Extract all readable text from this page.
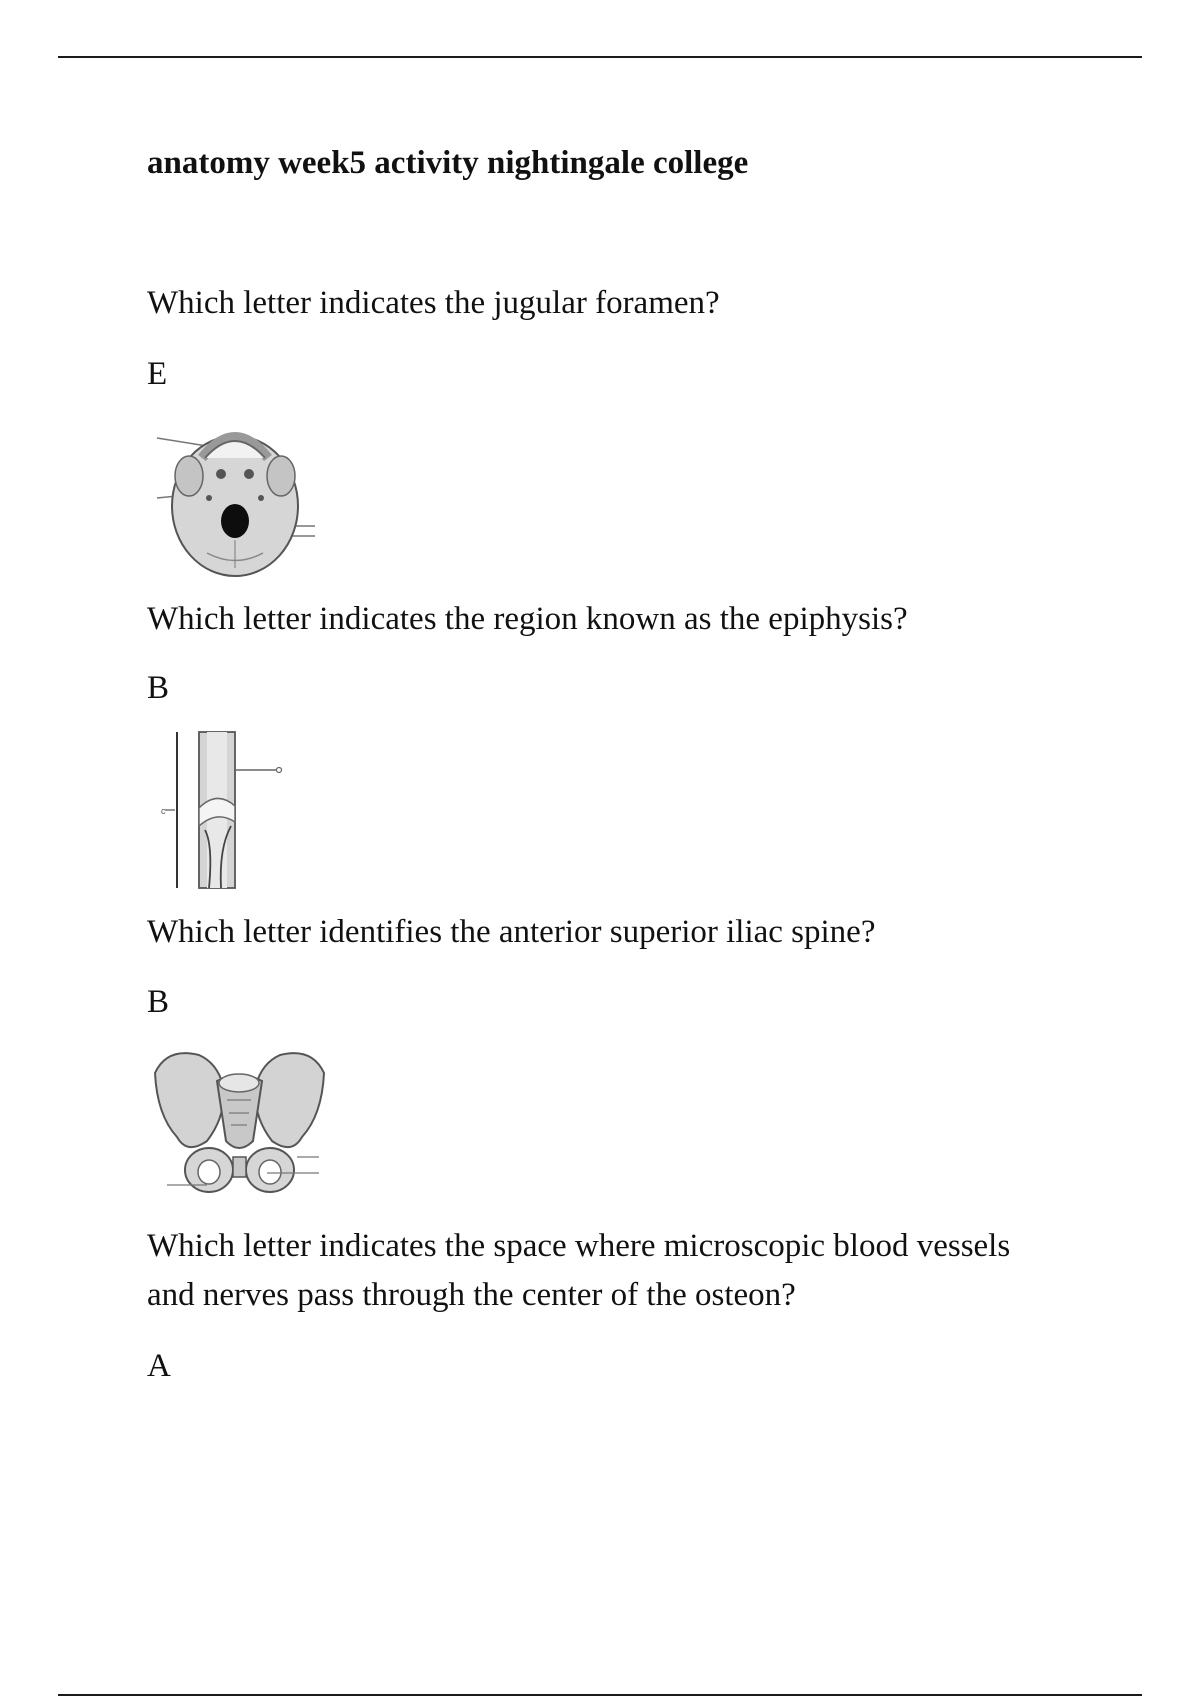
anatomy week5 activity nightingale college

Which letter indicates the jugular foramen?

E

Which letter indicates the region known as the epiphysis?

B

c

Which letter identifies the anterior superior iliac spine?

B

Which letter indicates the space where microscopic blood vessels and nerves pass through the center of the osteon?

A
